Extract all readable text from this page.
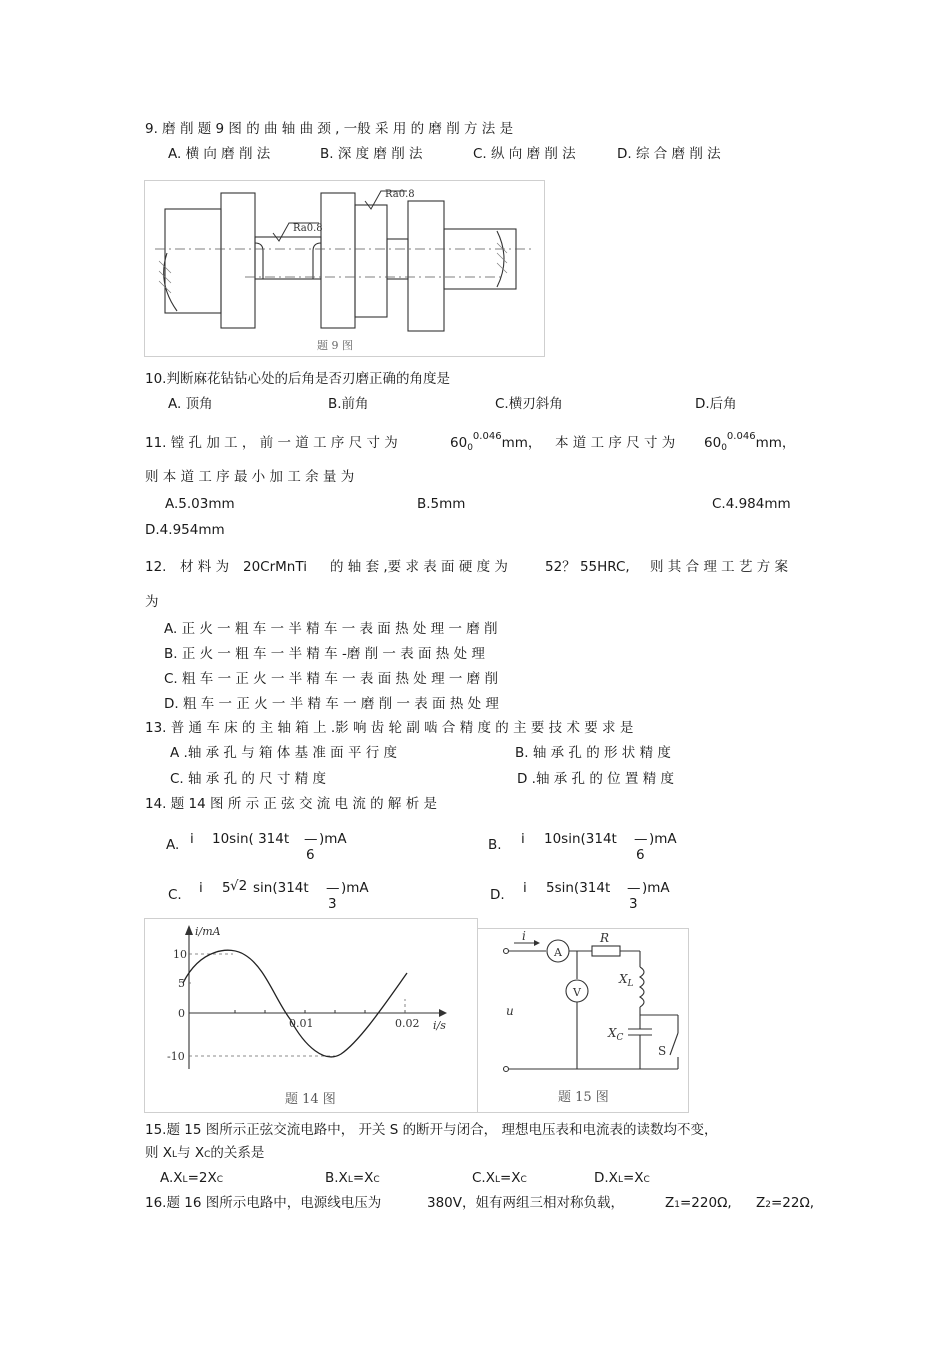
9. 磨 削 题 9 图 的 曲 轴 曲 颈 , 一般 采 用 的 磨 削 方 法 是
A. 横 向 磨 削 法	B. 深 度 磨 削 法	C. 纵 向 磨 削 法	D. 综 合 磨 削 法
Ra0.8
Ra0.8
题 9 图
10.判断麻花钻钻心处的后角是否刃磨正确的角度是
A. 顶角	B.前角	C.横刃斜角	D.后角
11. 镗 孔 加 工 ， 前 一 道 工 序 尺 寸 为	$60_0^{0.046}mm$， 本 道 工 序 尺 寸 为 $60_0^{0.046}mm$，
则 本 道 工 序 最 小 加 工 余 量 为
A.5.03mm	B.5mm	C.4.984mm
D.4.954mm
12. 材 料 为 20CrMnTi 的 轴 套 ,要 求 表 面 硬 度 为	52？ 55HRC, 则 其 合 理 工 艺 方 案
为
A. 正 火 一 粗 车 一 半 精 车 一 表 面 热 处 理 一 磨 削
B. 正 火 一 粗 车 一 半 精 车 -磨 削 一 表 面 热 处 理
C. 粗 车 一 正 火 一 半 精 车 一 表 面 热 处 理 一 磨 削
D. 粗 车 一 正 火 一 半 精 车 一 磨 削 一 表 面 热 处 理
13. 普 通 车 床 的 主 轴 箱 上 .影 响 齿 轮 副 啮 合 精 度 的 主 要 技 术 要 求 是
A .轴 承 孔 与 箱 体 基 准 面 平 行 度	B. 轴 承 孔 的 形 状 精 度
C. 轴 承 孔 的 尺 寸 精 度	D .轴 承 孔 的 位 置 精 度
14. 题 14 图 所 示 正 弦 交 流 电 流 的 解 析 是
A. i 10sin( 314t —
6
)mA	B. i 10sin(314t —
6
)mA
C. i 5 √2 sin(314t —
3
)mA	D. i 5sin(314t —
3
)mA
10
5
0
-10
0.01	0.02
i/mA
i/s
题 14 图
i
A
V
R
$X_L$
$X_C$
u
S
题 15 图
15.题 15 图所示正弦交流电路中， 开关 S 的断开与闭合， 理想电压表和电流表的读数均不变，
则 XL与 XC的关系是
A.XL=2XC	B.XL=XC	C.XL=XC	D.XL=XC
16.题 16 图所示电路中，电源线电压为	380V，姐有两组三相对称负载，	Z1=220Ω, Z2=22Ω,
